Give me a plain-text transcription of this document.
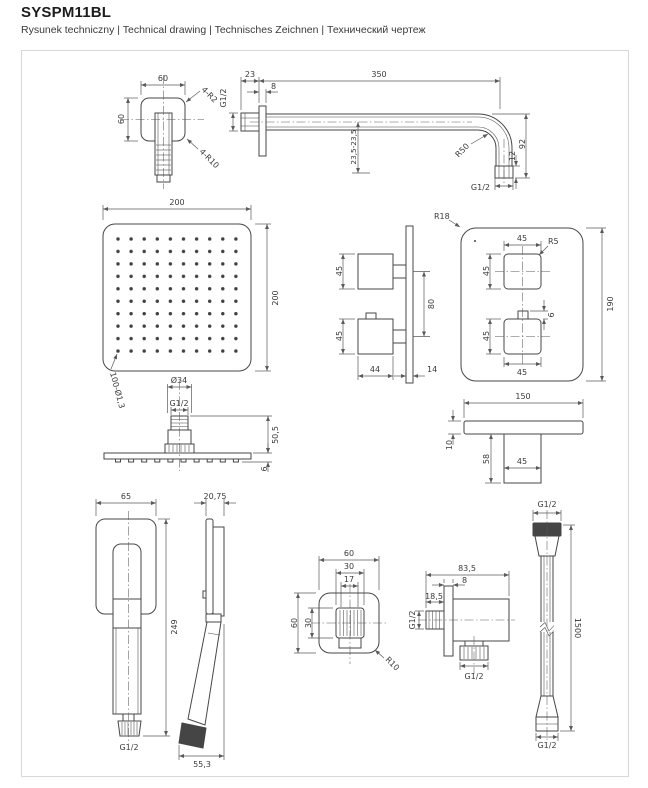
SYSPM11BL
Rysunek techniczny | Technical drawing | Technisches Zeichnen | Технический чертеж
60
60
4-R2
4-R10
23	350
8
G1/2
23,5-23,5	R50	92
12
G1/2
200
200
100-Ø1,3	Ø34
G1/2
50,5
6
45
45
80
44	14
R18
45	R5
45
6
45
45
190
150
10
58	45
65
G1/2
249
20,75
55,3
60
30
17
60 30
R10
83,5
8
18,5
G1/2
G1/2
G1/2
1500
G1/2
